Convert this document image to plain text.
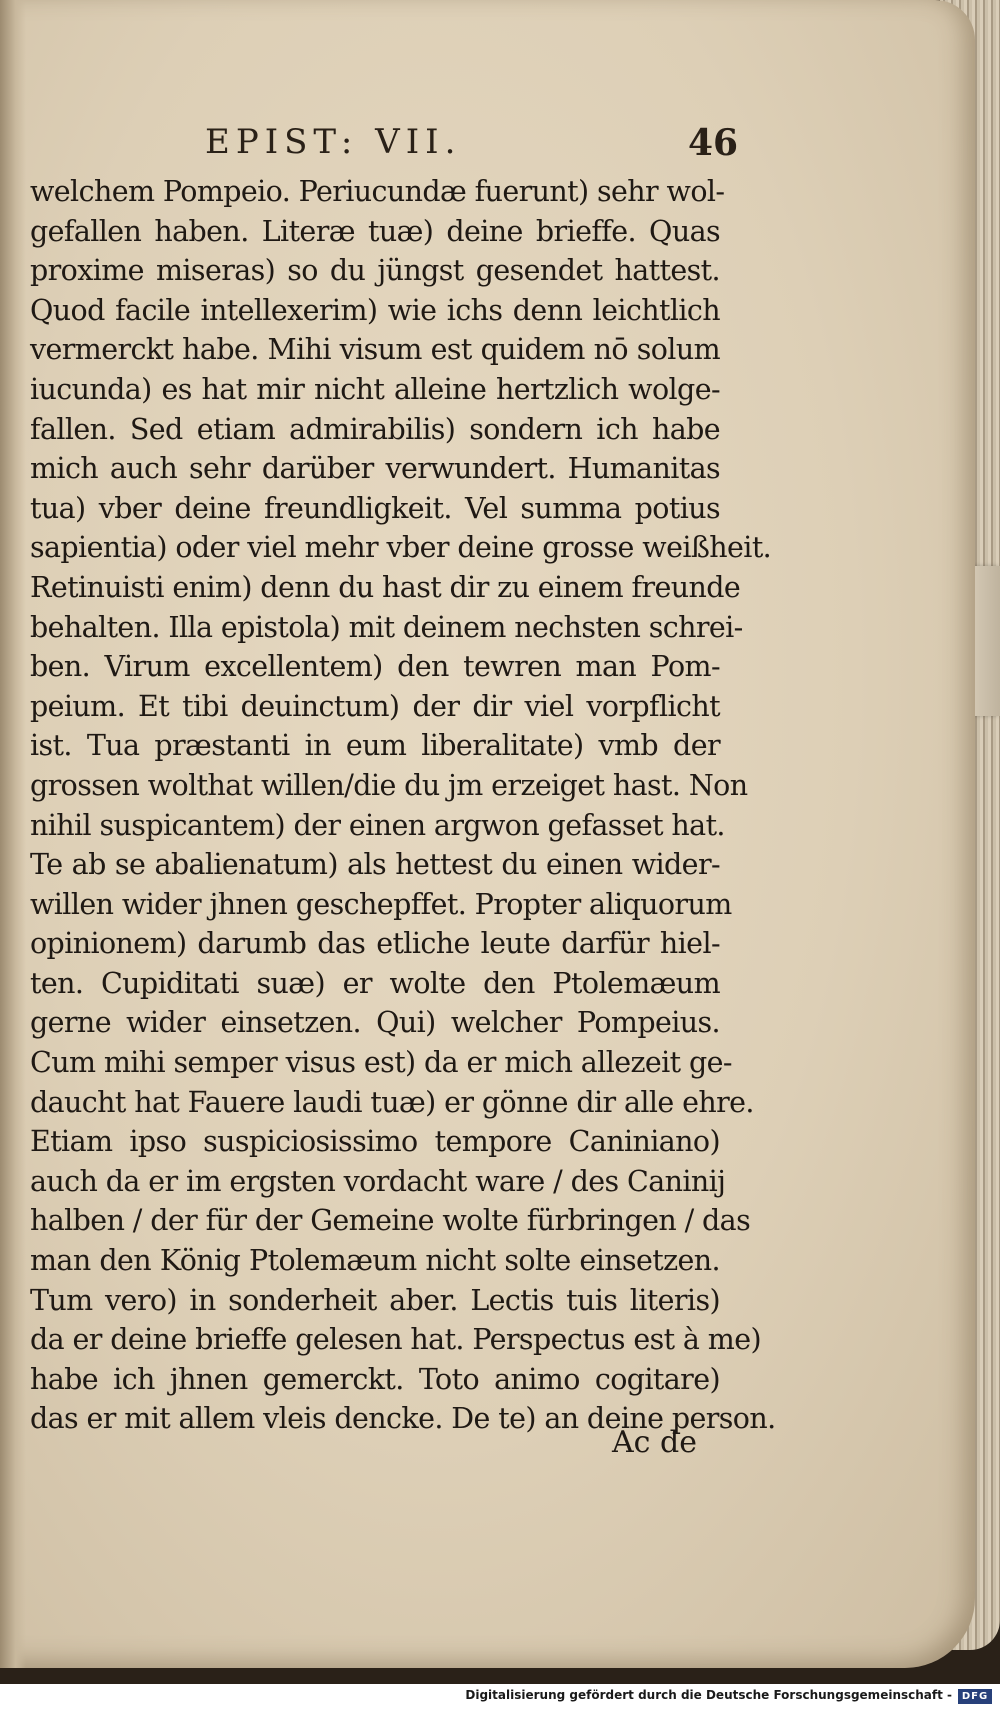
EPIST: VII.	46
welchem Pompeio. Periucundæ fuerunt) sehr wol-
gefallen haben. Literæ tuæ) deine brieffe. Quas
proxime miseras) so du jüngst gesendet hattest.
Quod facile intellexerim) wie ichs denn leichtlich
vermerckt habe. Mihi visum est quidem nō solum
iucunda) es hat mir nicht alleine hertzlich wolge-
fallen. Sed etiam admirabilis) sondern ich habe
mich auch sehr darüber verwundert. Humanitas
tua) vber deine freundligkeit. Vel summa potius
sapientia) oder viel mehr vber deine grosse weißheit.
Retinuisti enim) denn du hast dir zu einem freunde
behalten. Illa epistola) mit deinem nechsten schrei-
ben. Virum excellentem) den tewren man Pom-
peium. Et tibi deuinctum) der dir viel vorpflicht
ist. Tua præstanti in eum liberalitate) vmb der
grossen wolthat willen/die du jm erzeiget hast. Non
nihil suspicantem) der einen argwon gefasset hat.
Te ab se abalienatum) als hettest du einen wider-
willen wider jhnen geschepffet. Propter aliquorum
opinionem) darumb das etliche leute darfür hiel-
ten. Cupiditati suæ) er wolte den Ptolemæum
gerne wider einsetzen. Qui) welcher Pompeius.
Cum mihi semper visus est) da er mich allezeit ge-
daucht hat Fauere laudi tuæ) er gönne dir alle ehre.
Etiam ipso suspiciosissimo tempore Caniniano)
auch da er im ergsten vordacht ware / des Caninij
halben / der für der Gemeine wolte fürbringen / das
man den König Ptolemæum nicht solte einsetzen.
Tum vero) in sonderheit aber. Lectis tuis literis)
da er deine brieffe gelesen hat. Perspectus est à me)
habe ich jhnen gemerckt. Toto animo cogitare)
das er mit allem vleis dencke. De te) an deine person.
Ac de
Digitalisierung gefördert durch die Deutsche Forschungsgemeinschaft - DFG
